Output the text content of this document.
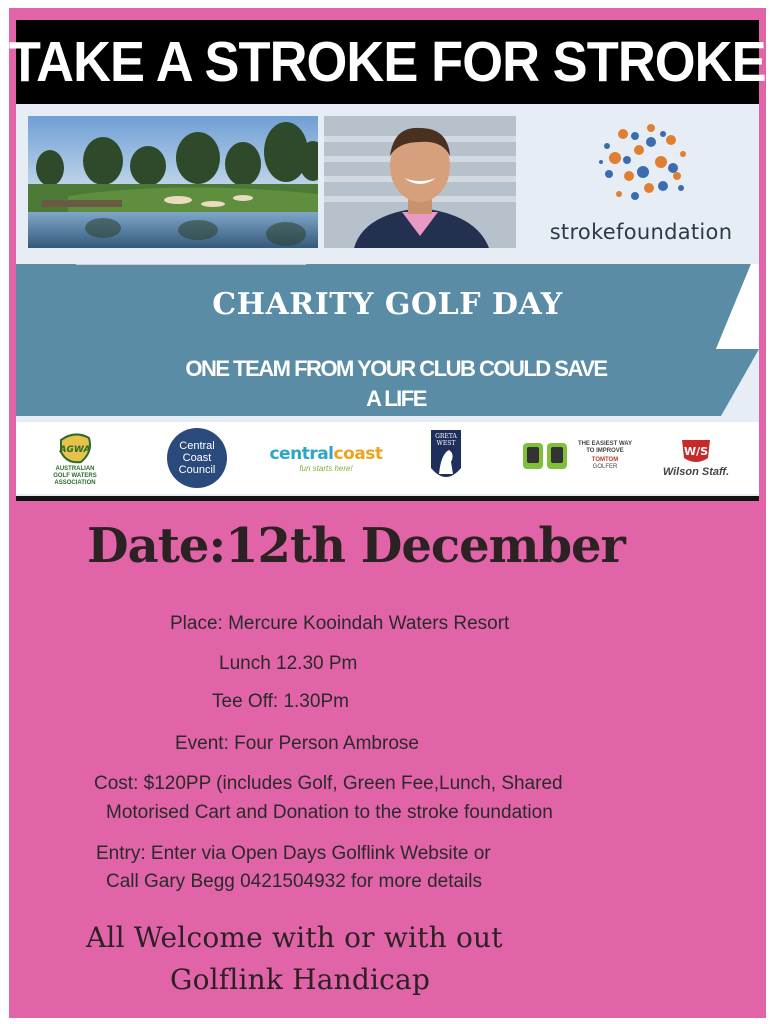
TAKE A STROKE FOR STROKE
strokefoundation
CHARITY GOLF DAY
ONE TEAM FROM YOUR CLUB COULD SAVE
A LIFE
AGWA
AUSTRALIAN
GOLF WATERS
ASSOCIATION
Central
Coast
Council
centralcoast
fun starts here!
GRETA
WEST	THE EASIEST WAY
TO IMPROVE
TOMTOM
GOLFER
W/S
Wilson Staff.
Date:12th December
Place: Mercure Kooindah Waters Resort
Lunch 12.30 Pm
Tee Off: 1.30Pm
Event: Four Person Ambrose
Cost: $120PP (includes Golf, Green Fee,Lunch, Shared
Motorised Cart and Donation to the stroke foundation
Entry: Enter via Open Days Golflink Website or
Call Gary Begg 0421504932 for more details
All Welcome with or with out
Golflink Handicap
